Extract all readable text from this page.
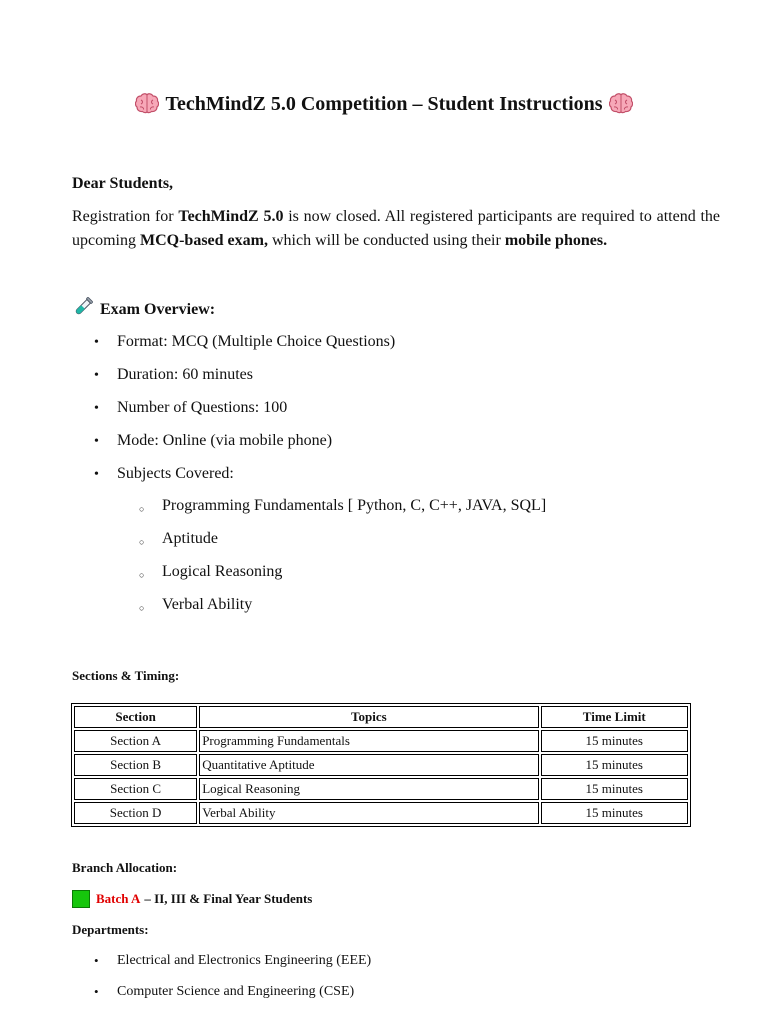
TechMindZ 5.0 Competition – Student Instructions
Dear Students,
Registration for TechMindZ 5.0 is now closed. All registered participants are required to attend the upcoming MCQ-based exam, which will be conducted using their mobile phones.
Exam Overview:
• Format: MCQ (Multiple Choice Questions)
• Duration: 60 minutes
• Number of Questions: 100
• Mode: Online (via mobile phone)
• Subjects Covered:
○ Programming Fundamentals [ Python, C, C++, JAVA, SQL]
○ Aptitude
○ Logical Reasoning
○ Verbal Ability
Sections & Timing:
Section	Topics	Time Limit
Section A	Programming Fundamentals	15 minutes
Section B	Quantitative Aptitude	15 minutes
Section C	Logical Reasoning	15 minutes
Section D	Verbal Ability	15 minutes
Branch Allocation:
Batch A – II, III & Final Year Students
Departments:
• Electrical and Electronics Engineering (EEE)
• Computer Science and Engineering (CSE)
